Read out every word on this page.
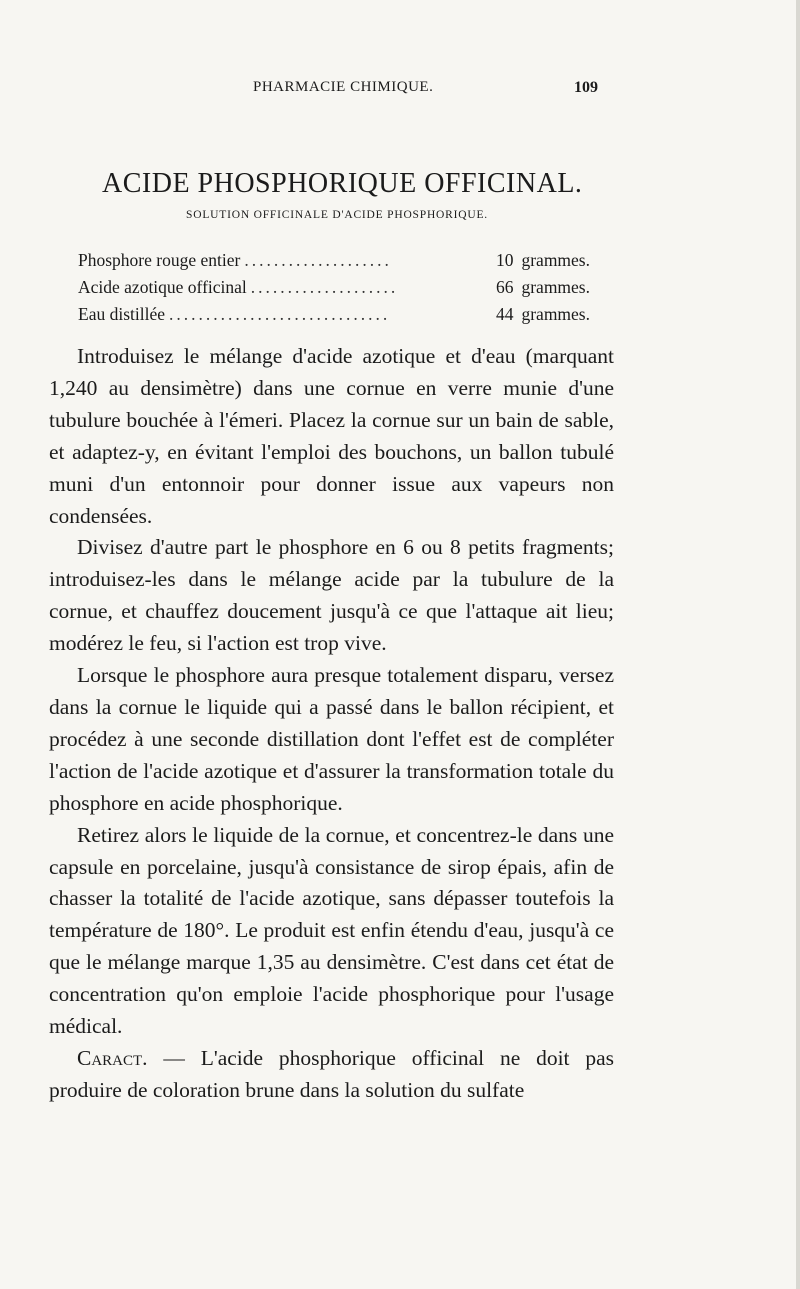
PHARMACIE CHIMIQUE.	109
ACIDE PHOSPHORIQUE OFFICINAL.
SOLUTION OFFICINALE D'ACIDE PHOSPHORIQUE.
Phosphore rouge entier ....................	10 grammes.
Acide azotique officinal ....................	66 grammes.
Eau distillée ..............................	44 grammes.

Introduisez le mélange d'acide azotique et d'eau (marquant 1,240 au densimètre) dans une cornue en verre munie d'une tubulure bouchée à l'émeri. Placez la cornue sur un bain de sable, et adaptez-y, en évitant l'emploi des bouchons, un ballon tubulé muni d'un entonnoir pour donner issue aux vapeurs non condensées.

Divisez d'autre part le phosphore en 6 ou 8 petits fragments; introduisez-les dans le mélange acide par la tubulure de la cornue, et chauffez doucement jusqu'à ce que l'attaque ait lieu; modérez le feu, si l'action est trop vive.

Lorsque le phosphore aura presque totalement disparu, versez dans la cornue le liquide qui a passé dans le ballon récipient, et procédez à une seconde distillation dont l'effet est de compléter l'action de l'acide azotique et d'assurer la transformation totale du phosphore en acide phosphorique.

Retirez alors le liquide de la cornue, et concentrez-le dans une capsule en porcelaine, jusqu'à consistance de sirop épais, afin de chasser la totalité de l'acide azotique, sans dépasser toutefois la température de 180°. Le produit est enfin étendu d'eau, jusqu'à ce que le mélange marque 1,35 au densimètre. C'est dans cet état de concentration qu'on emploie l'acide phosphorique pour l'usage médical.

Caract. — L'acide phosphorique officinal ne doit pas produire de coloration brune dans la solution du sulfate
